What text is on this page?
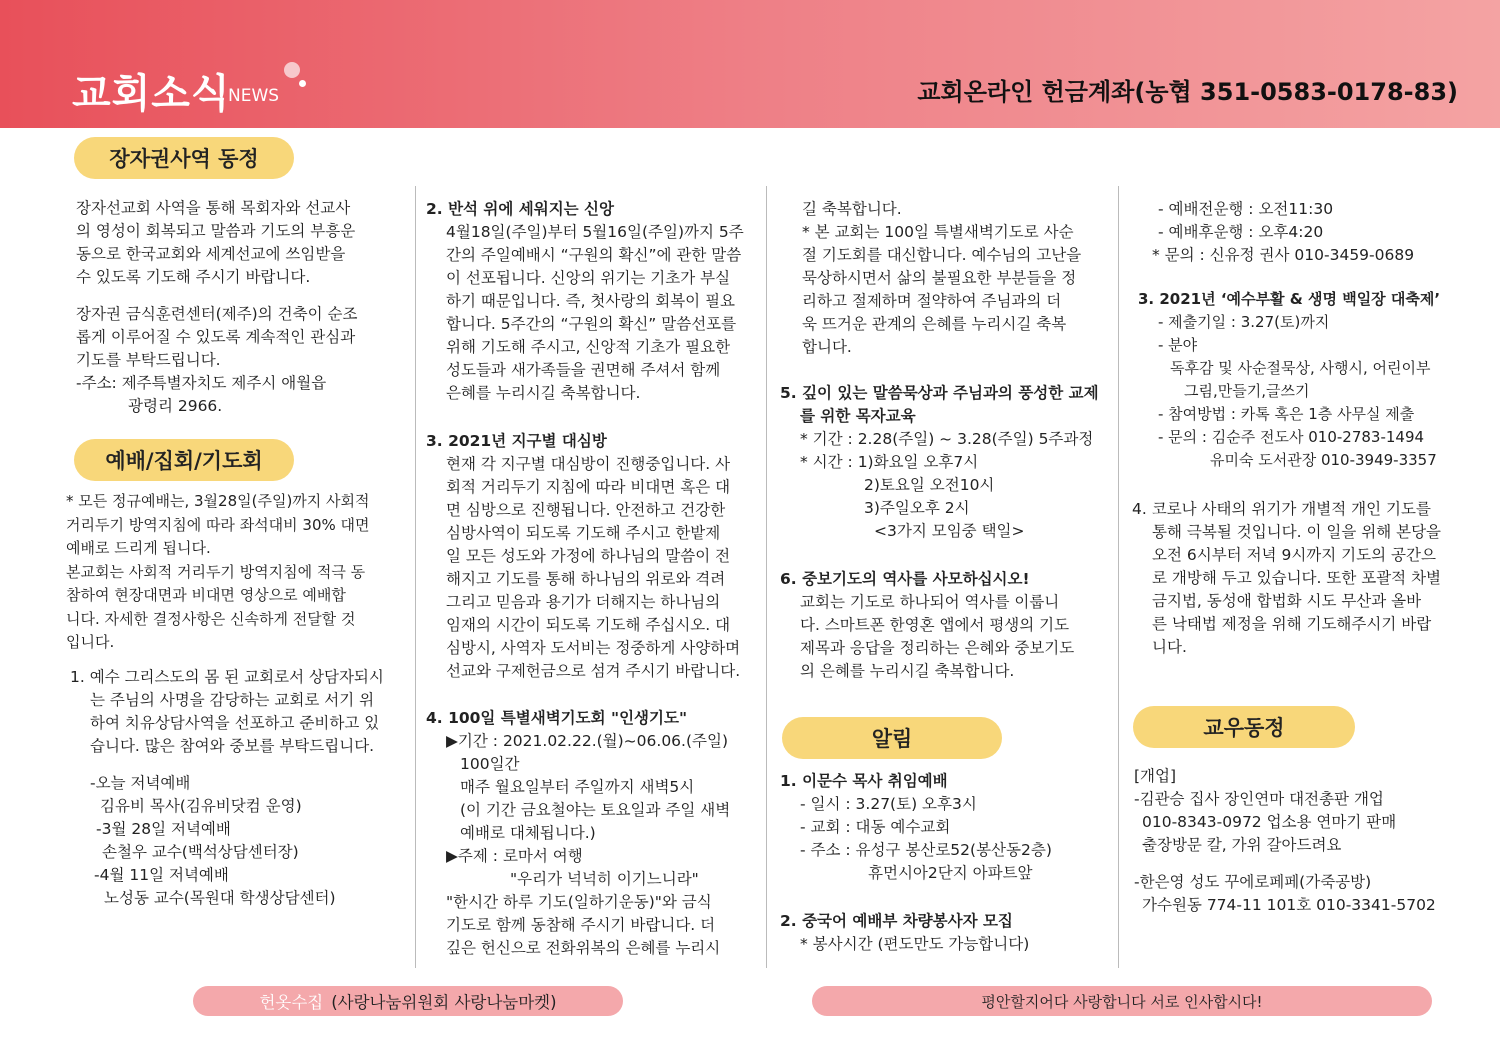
교회소식
NEWS	교회온라인 헌금계좌(농협 351-0583-0178-83)
장자권사역 동정
예배/집회/기도회
알림	교우동정

장자선교회 사역을 통해 목회자와 선교사

의 영성이 회복되고 말씀과 기도의 부흥운

동으로 한국교회와 세계선교에 쓰임받을

수 있도록 기도해 주시기 바랍니다.

장자권 금식훈련센터(제주)의 건축이 순조

롭게 이루어질 수 있도록 계속적인 관심과

기도를 부탁드립니다.

-주소: 제주특별자치도 제주시 애월읍

광령리 2966.

* 모든 정규예배는, 3월28일(주일)까지 사회적

거리두기 방역지침에 따라 좌석대비 30% 대면

예배로 드리게 됩니다.

본교회는 사회적 거리두기 방역지침에 적극 동

참하여 현장대면과 비대면 영상으로 예배합

니다. 자세한 결정사항은 신속하게 전달할 것

입니다.

1. 예수 그리스도의 몸 된 교회로서 상담자되시

는 주님의 사명을 감당하는 교회로 서기 위

하여 치유상담사역을 선포하고 준비하고 있

습니다. 많은 참여와 중보를 부탁드립니다.

-오늘 저녁예배

김유비 목사(김유비닷컴 운영)

-3월 28일 저녁예배

손철우 교수(백석상담센터장)

-4월 11일 저녁예배

노성동 교수(목원대 학생상담센터)

2. 반석 위에 세워지는 신앙

4월18일(주일)부터 5월16일(주일)까지 5주

간의 주일예배시 “구원의 확신”에 관한 말씀

이 선포됩니다. 신앙의 위기는 기초가 부실

하기 때문입니다. 즉, 첫사랑의 회복이 필요

합니다. 5주간의 “구원의 확신” 말씀선포를

위해 기도해 주시고, 신앙적 기초가 필요한

성도들과 새가족들을 권면해 주셔서 함께

은혜를 누리시길 축복합니다.

3. 2021년 지구별 대심방

현재 각 지구별 대심방이 진행중입니다. 사

회적 거리두기 지침에 따라 비대면 혹은 대

면 심방으로 진행됩니다. 안전하고 건강한

심방사역이 되도록 기도해 주시고 한밭제

일 모든 성도와 가정에 하나님의 말씀이 전

해지고 기도를 통해 하나님의 위로와 격려

그리고 믿음과 용기가 더해지는 하나님의

임재의 시간이 되도록 기도해 주십시오. 대

심방시, 사역자 도서비는 정중하게 사양하며

선교와 구제헌금으로 섬겨 주시기 바랍니다.

4. 100일 특별새벽기도회 "인생기도"

▶기간 : 2021.02.22.(월)~06.06.(주일)

100일간

매주 월요일부터 주일까지 새벽5시

(이 기간 금요철야는 토요일과 주일 새벽

예배로 대체됩니다.)

▶주제 : 로마서 여행

"우리가 넉넉히 이기느니라"

"한시간 하루 기도(일하기운동)"와 금식

기도로 함께 동참해 주시기 바랍니다. 더

깊은 헌신으로 전화위복의 은혜를 누리시

길 축복합니다.

* 본 교회는 100일 특별새벽기도로 사순

절 기도회를 대신합니다. 예수님의 고난을

묵상하시면서 삶의 불필요한 부분들을 정

리하고 절제하며 절약하여 주님과의 더

욱 뜨거운 관계의 은혜를 누리시길 축복

합니다.

5. 깊이 있는 말씀묵상과 주님과의 풍성한 교제

를 위한 목자교육

* 기간 : 2.28(주일) ~ 3.28(주일) 5주과정

* 시간 : 1)화요일 오후7시

2)토요일 오전10시

3)주일오후 2시

<3가지 모임중 택일>

6. 중보기도의 역사를 사모하십시오!

교회는 기도로 하나되어 역사를 이룹니

다. 스마트폰 한영혼 앱에서 평생의 기도

제목과 응답을 정리하는 은혜와 중보기도

의 은혜를 누리시길 축복합니다.

1. 이문수 목사 취임예배

- 일시 : 3.27(토) 오후3시

- 교회 : 대동 예수교회

- 주소 : 유성구 봉산로52(봉산동2층)

휴먼시아2단지 아파트앞

2. 중국어 예배부 차량봉사자 모집

* 봉사시간 (편도만도 가능합니다)

- 예배전운행 : 오전11:30

- 예배후운행 : 오후4:20

* 문의 : 신유정 권사 010-3459-0689

3. 2021년 ‘예수부활 & 생명 백일장 대축제’

- 제출기일 : 3.27(토)까지

- 분야

독후감 및 사순절묵상, 사행시, 어린이부

그림,만들기,글쓰기

- 참여방법 : 카톡 혹은 1층 사무실 제출

- 문의 : 김순주 전도사 010-2783-1494

유미숙 도서관장 010-3949-3357

4. 코로나 사태의 위기가 개별적 개인 기도를

통해 극복될 것입니다. 이 일을 위해 본당을

오전 6시부터 저녁 9시까지 기도의 공간으

로 개방해 두고 있습니다. 또한 포괄적 차별

금지법, 동성애 합법화 시도 무산과 올바

른 낙태법 제정을 위해 기도해주시기 바랍

니다.

[개업]

-김관승 집사 장인연마 대전총판 개업

010-8343-0972 업소용 연마기 판매

출장방문 칼, 가위 갈아드려요

-한은영 성도 꾸에로페페(가죽공방)

가수원동 774-11 101호 010-3341-5702

헌옷수집 (사랑나눔위원회 사랑나눔마켓)	평안할지어다 사랑합니다 서로 인사합시다!
